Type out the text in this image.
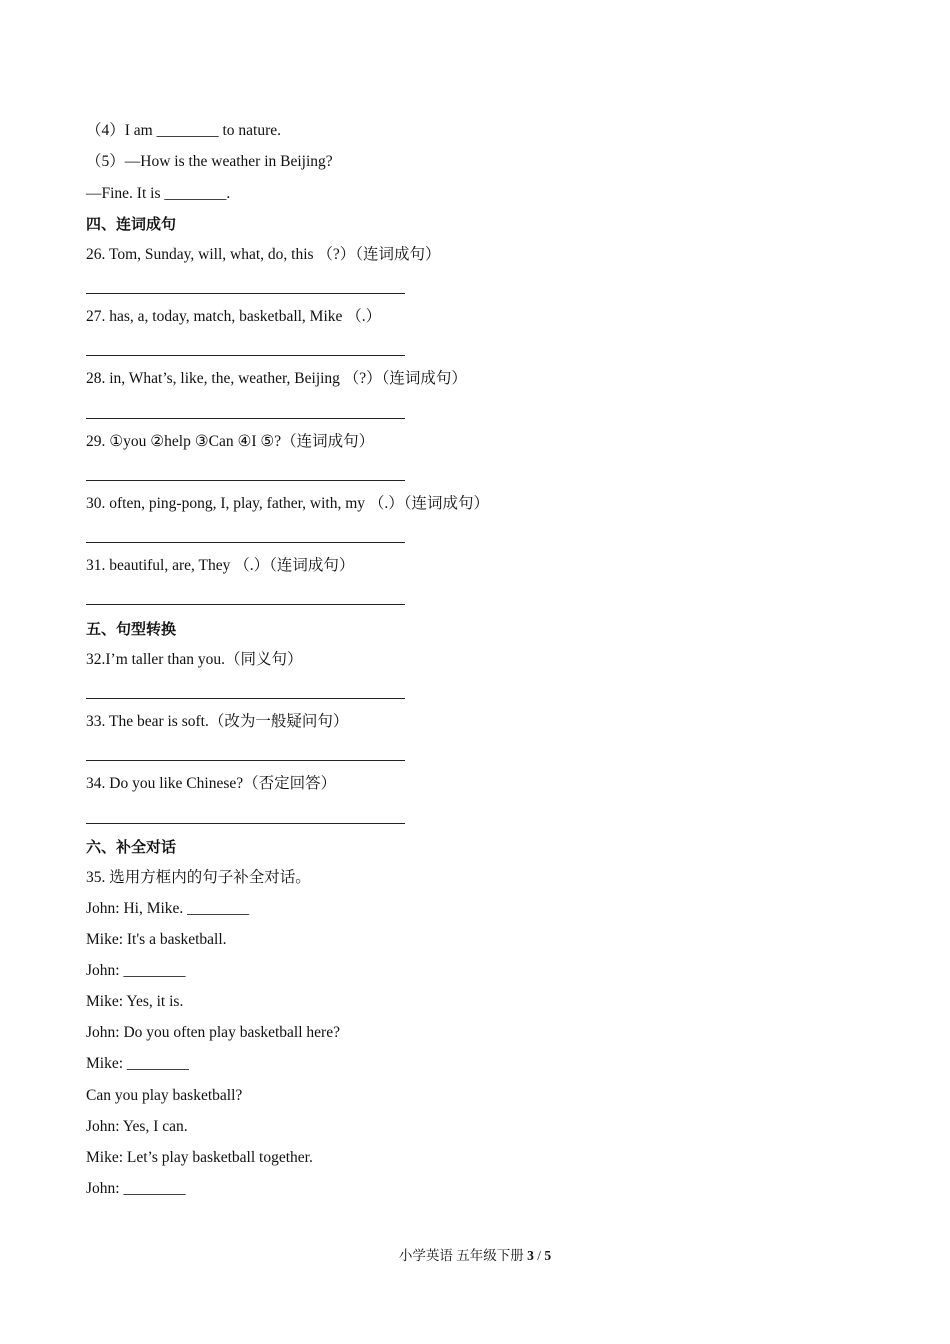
（4）I am ________ to nature.
（5）—How is the weather in Beijing?
—Fine. It is ________.
四、连词成句
26. Tom, Sunday, will, what, do, this （?）（连词成句）
27. has, a, today, match, basketball, Mike （.）
28. in, What’s, like, the, weather, Beijing （?）（连词成句）
29. ①you ②help ③Can ④I ⑤?（连词成句）
30. often, ping-pong, I, play, father, with, my （.）（连词成句）
31. beautiful, are, They （.）（连词成句）
五、句型转换
32.I’m taller than you.（同义句）
33. The bear is soft.（改为一般疑问句）
34. Do you like Chinese?（否定回答）
六、补全对话
35. 选用方框内的句子补全对话。
John: Hi, Mike. ________
Mike: It's a basketball.
John: ________
Mike: Yes, it is.
John: Do you often play basketball here?
Mike: ________
Can you play basketball?
John: Yes, I can.
Mike: Let’s play basketball together.
John: ________
小学英语 五年级下册 3 / 5
